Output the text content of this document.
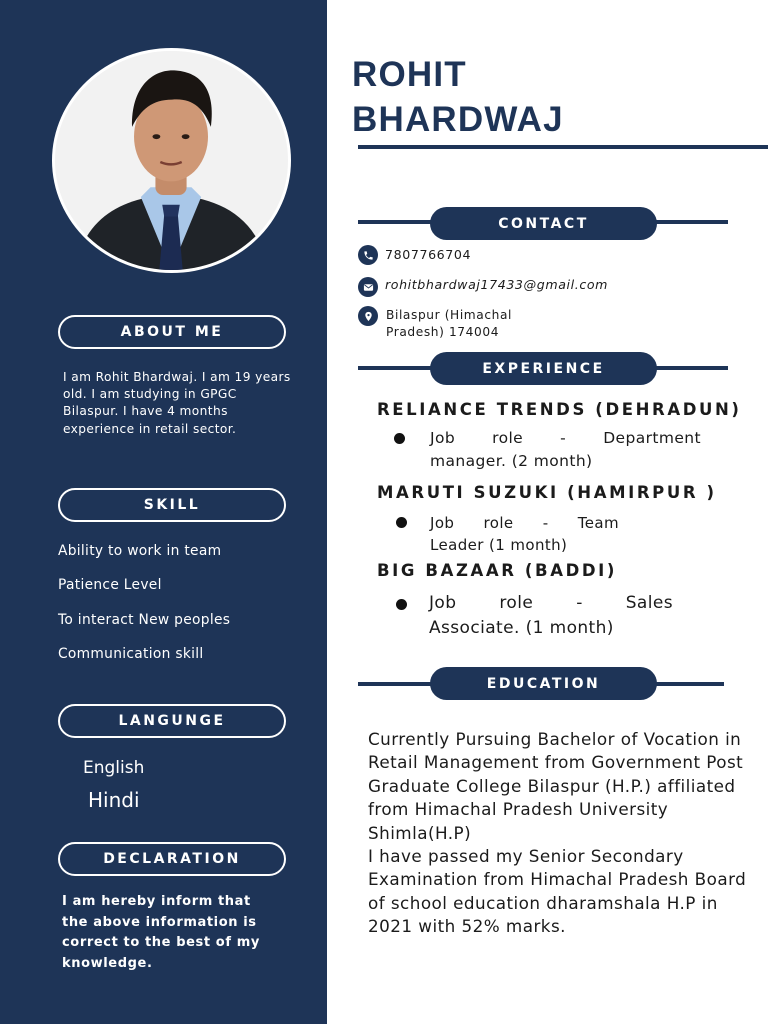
ABOUT ME
I am Rohit Bhardwaj. I am 19 years old. I am studying in GPGC Bilaspur. I have 4 months experience in retail sector.
SKILL
Ability to work in team
Patience Level
To interact New peoples
Communication skill
LANGUNGE
English
Hindi
DECLARATION
I am hereby inform that the above information is correct to the best of my knowledge.
ROHIT
BHARDWAJ
CONTACT
7807766704
rohitbhardwaj17433@gmail.com
Bilaspur (Himachal
Pradesh) 174004
EXPERIENCE
RELIANCE TRENDS (DEHRADUN)
Job role - Department
manager. (2 month)
MARUTI SUZUKI (HAMIRPUR )
Job role - Team
Leader (1 month)
BIG BAZAAR (BADDI)
Job	role	-	Sales
Associate. (1 month)
EDUCATION
Currently Pursuing Bachelor of Vocation in Retail Management from Government Post Graduate College Bilaspur (H.P.) affiliated from Himachal Pradesh University Shimla(H.P)
I have passed my Senior Secondary Examination from Himachal Pradesh Board of school education dharamshala H.P in 2021 with 52% marks.
